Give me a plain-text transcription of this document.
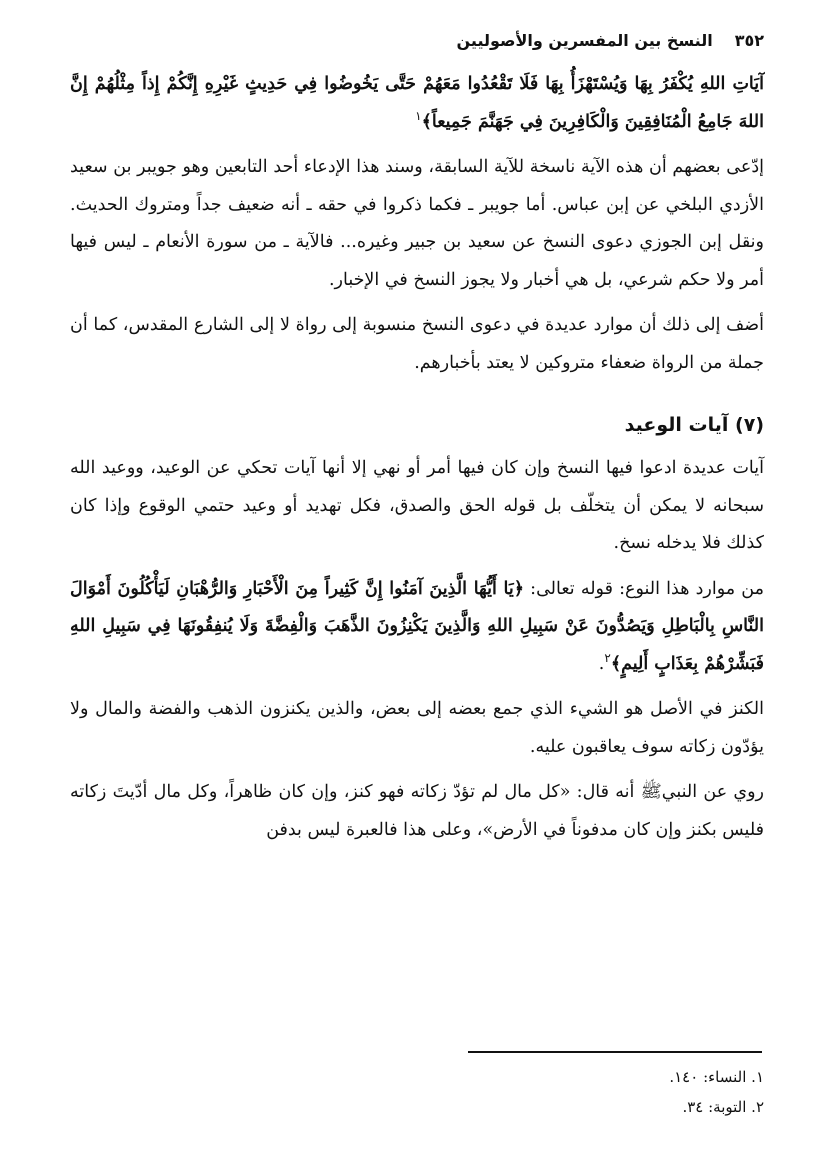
٣٥٢
النسخ بين المفسرين والأصوليين

آيَاتِ اللهِ يُكْفَرُ بِهَا وَيُسْتَهْزَأُ بِهَا فَلَا تَقْعُدُوا مَعَهُمْ حَتَّى يَخُوضُوا فِي حَدِيثٍ غَيْرِهِ إِنَّكُمْ إِذاً مِثْلُهُمْ إِنَّ اللهَ جَامِعُ الْمُنَافِقِينَ وَالْكَافِرِينَ فِي جَهَنَّمَ جَمِيعاً﴾$^١$

إدّعى بعضهم أن هذه الآية ناسخة للآية السابقة، وسند هذا الإدعاء أحد التابعين وهو جويبر بن سعيد الأزدي البلخي عن إبن عباس. أما جويبر ـ فكما ذكروا في حقه ـ أنه ضعيف جداً ومتروك الحديث. ونقل إبن الجوزي دعوى النسخ عن سعيد بن جبير وغيره... فالآية ـ من سورة الأنعام ـ ليس فيها أمر ولا حكم شرعي، بل هي أخبار ولا يجوز النسخ في الإخبار.

أضف إلى ذلك أن موارد عديدة في دعوى النسخ منسوبة إلى رواة لا إلى الشارع المقدس، كما أن جملة من الرواة ضعفاء متروكين لا يعتد بأخبارهم.

(٧) آيات الوعيد

آيات عديدة ادعوا فيها النسخ وإن كان فيها أمر أو نهي إلا أنها آيات تحكي عن الوعيد، ووعيد الله سبحانه لا يمكن أن يتخلّف بل قوله الحق والصدق، فكل تهديد أو وعيد حتمي الوقوع وإذا كان كذلك فلا يدخله نسخ.

من موارد هذا النوع: قوله تعالى: ﴿يَا أَيُّهَا الَّذِينَ آمَنُوا إِنَّ كَثِيراً مِنَ الْأَحْبَارِ وَالرُّهْبَانِ لَيَأْكُلُونَ أَمْوَالَ النَّاسِ بِالْبَاطِلِ وَيَصُدُّونَ عَنْ سَبِيلِ اللهِ وَالَّذِينَ يَكْنِزُونَ الذَّهَبَ وَالْفِضَّةَ وَلَا يُنفِقُونَهَا فِي سَبِيلِ اللهِ فَبَشِّرْهُمْ بِعَذَابٍ أَلِيمٍ﴾$^٢$.

الكنز في الأصل هو الشيء الذي جمع بعضه إلى بعض، والذين يكنزون الذهب والفضة والمال ولا يؤدّون زكاته سوف يعاقبون عليه.

روي عن النبيﷺ أنه قال: «كل مال لم تؤدّ زكاته فهو كنز، وإن كان ظاهراً، وكل مال أدّيتَ زكاته فليس بكنز وإن كان مدفوناً في الأرض»، وعلى هذا فالعبرة ليس بدفن

١. النساء: ١٤٠.
٢. التوبة: ٣٤.
